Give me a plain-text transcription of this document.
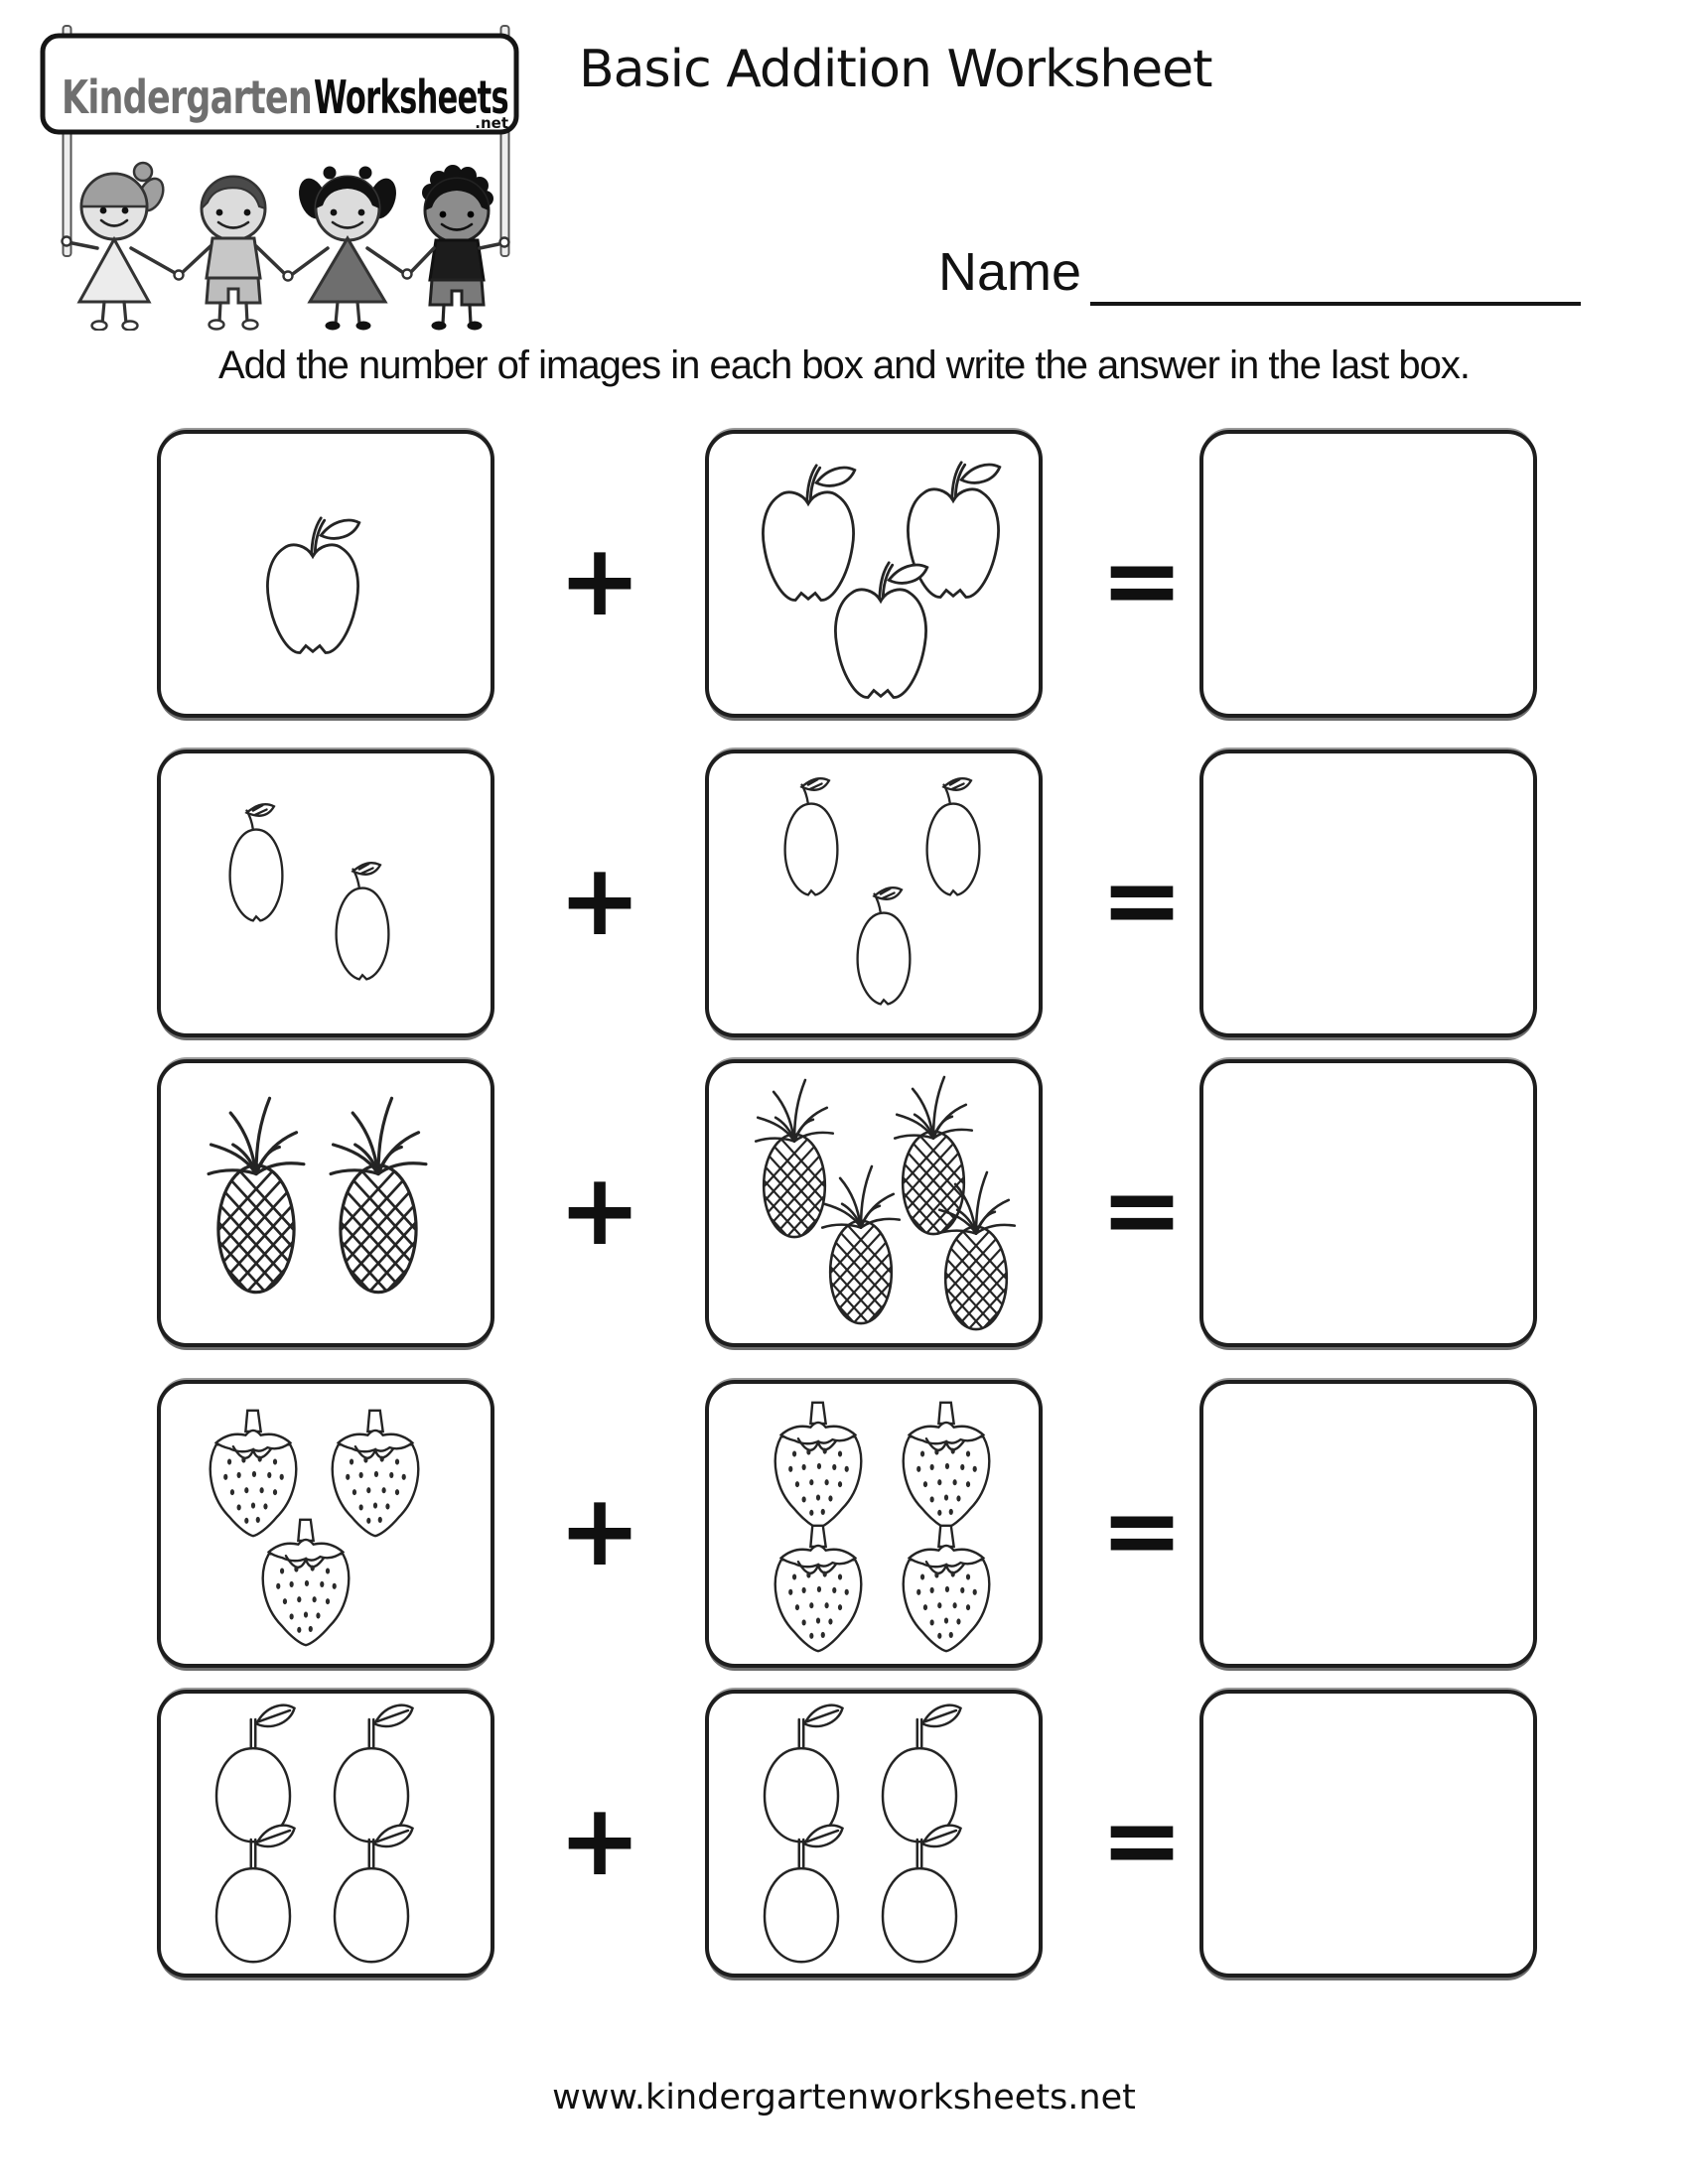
Kindergarten Worksheets
.net
Basic Addition Worksheet
Name
Add the number of images in each box and write the answer in the last box.
+	=
+	=
+	=
+	=
+	=
www.kindergartenworksheets.net
